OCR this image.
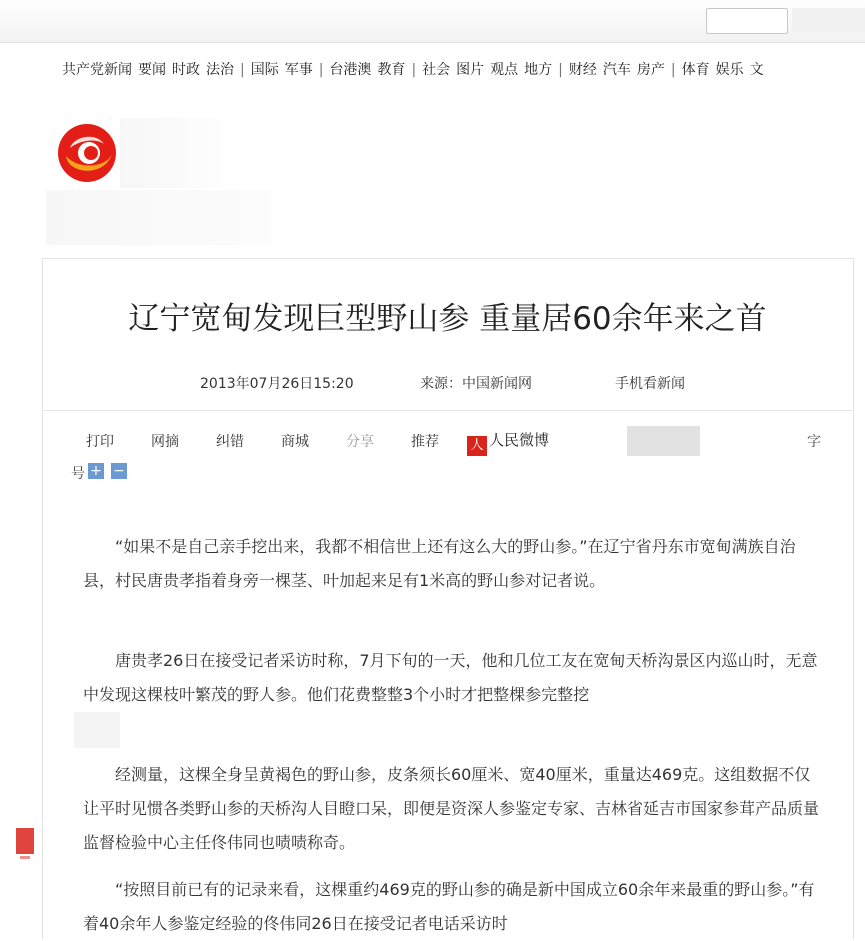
共产党新闻 要闻 时政 法治 | 国际 军事 | 台港澳 教育 | 社会 图片 观点 地方 | 财经 汽车 房产 | 体育 娱乐 文
辽宁宽甸发现巨型野山参 重量居60余年来之首
2013年07月26日15:20	来源：中国新闻网	手机看新闻
打印	网摘	纠错	商城	分享	推荐 人 人民微博	字
号 + −

“如果不是自己亲手挖出来，我都不相信世上还有这么大的野山参。”在辽宁省丹东市宽甸满族自治县，村民唐贵孝指着身旁一棵茎、叶加起来足有1米高的野山参对记者说。

唐贵孝26日在接受记者采访时称，7月下旬的一天，他和几位工友在宽甸天桥沟景区内巡山时，无意中发现这棵枝叶繁茂的野人参。他们花费整整3个小时才把整棵参完整挖

经测量，这棵全身呈黄褐色的野山参，皮条须长60厘米、宽40厘米，重量达469克。这组数据不仅让平时见惯各类野山参的天桥沟人目瞪口呆，即便是资深人参鉴定专家、吉林省延吉市国家参茸产品质量监督检验中心主任佟伟同也啧啧称奇。

“按照目前已有的记录来看，这棵重约469克的野山参的确是新中国成立60余年来最重的野山参。”有着40余年人参鉴定经验的佟伟同26日在接受记者电话采访时
